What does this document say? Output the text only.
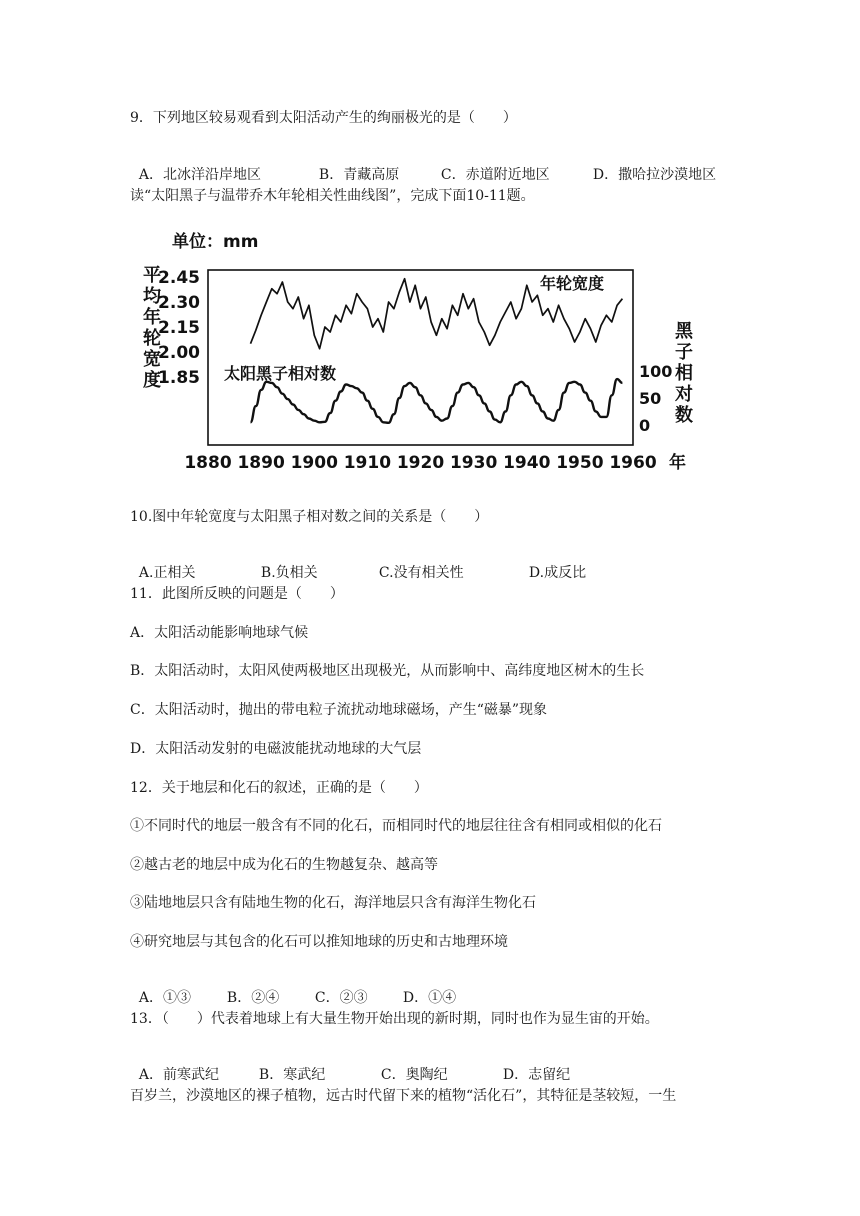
9．下列地区较易观看到太阳活动产生的绚丽极光的是（　　）

A．北冰洋沿岸地区	B．青藏高原	C．赤道附近地区	D．撒哈拉沙漠地区

读“太阳黑子与温带乔木年轮相关性曲线图”，完成下面10-11题。
单位：mm
平
均
年
轮
宽
度
黑
子
相
对
数
2.45
2.30
2.15
2.00
1.85	100
50
0
1880 1890 1900 1910 1920 1930 1940 1950 1960 年
年轮宽度
太阳黑子相对数
10.图中年轮宽度与太阳黑子相对数之间的关系是（　　）

A.正相关	B.负相关	C.没有相关性	D.成反比

11．此图所反映的问题是（　　）
A．太阳活动能影响地球气候
B．太阳活动时，太阳风使两极地区出现极光，从而影响中、高纬度地区树木的生长
C．太阳活动时，抛出的带电粒子流扰动地球磁场，产生“磁暴”现象
D．太阳活动发射的电磁波能扰动地球的大气层
12．关于地层和化石的叙述，正确的是（　　）
①不同时代的地层一般含有不同的化石，而相同时代的地层往往含有相同或相似的化石
②越古老的地层中成为化石的生物越复杂、越高等
③陆地地层只含有陆地生物的化石，海洋地层只含有海洋生物化石
④研究地层与其包含的化石可以推知地球的历史和古地理环境

A．①③	B．②④	C．②③	D．①④

13．（　　）代表着地球上有大量生物开始出现的新时期，同时也作为显生宙的开始。

A．前寒武纪	B．寒武纪	C．奥陶纪	D．志留纪

百岁兰，沙漠地区的裸子植物，远古时代留下来的植物“活化石”，其特征是茎较短，一生
